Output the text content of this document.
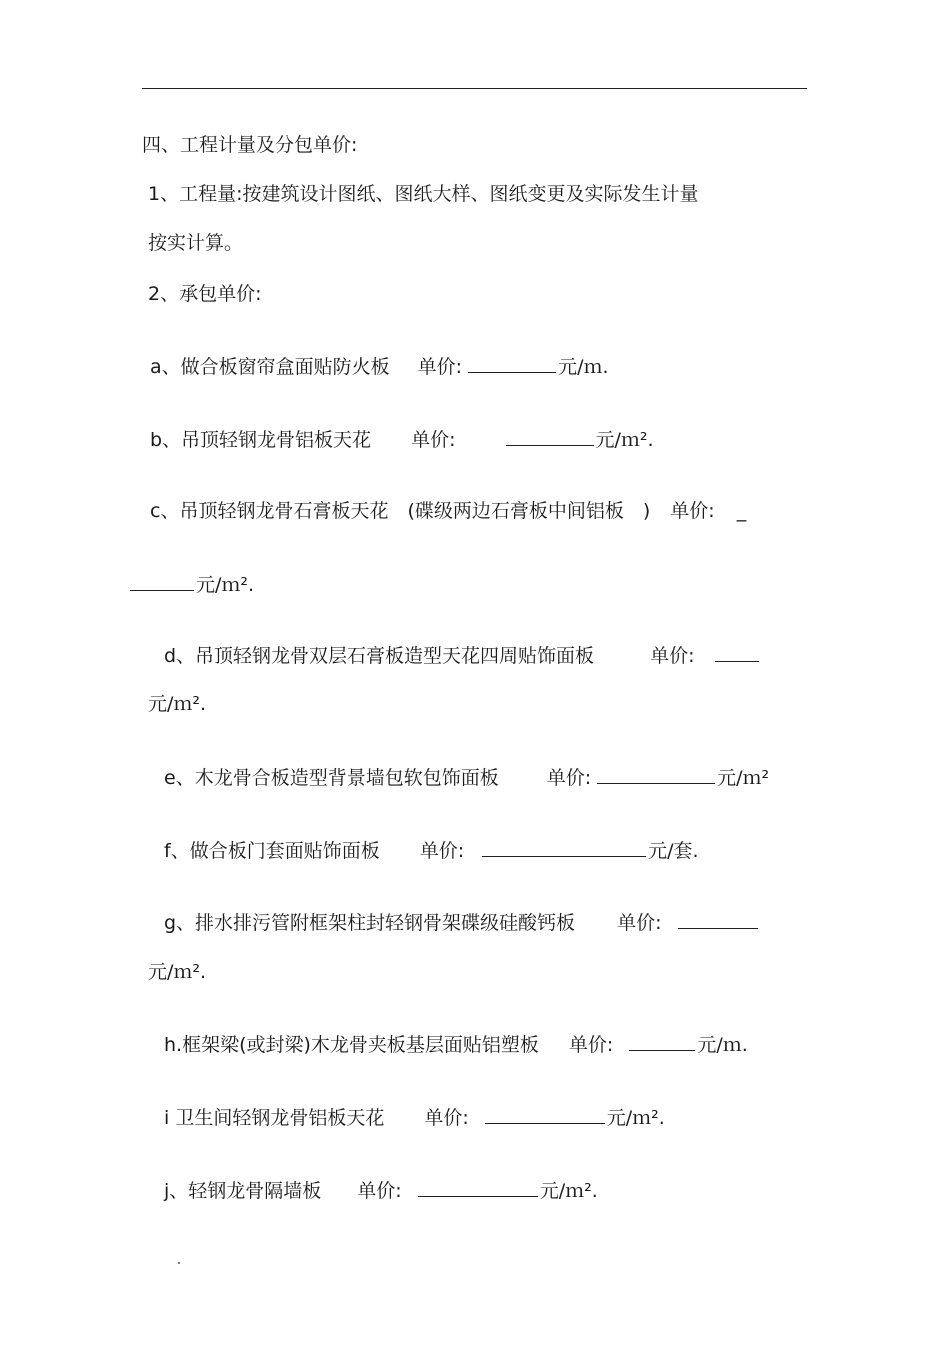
四、工程计量及分包单价:
1、工程量:按建筑设计图纸、图纸大样、图纸变更及实际发生计量
按实计算。
2、承包单价:
a、做合板窗帘盒面贴防火板 单价:	元/ｍ.
b、吊顶轻钢龙骨铝板天花 单价:	元/ｍ².
c、吊顶轻钢龙骨石膏板天花　(碟级两边石膏板中间铝板　) 单价: _
元/ｍ².
d、吊顶轻钢龙骨双层石膏板造型天花四周贴饰面板	单价:
元/ｍ².
e、木龙骨合板造型背景墙包软包饰面板	单价:	元/ｍ²
f、做合板门套面贴饰面板 单价:	元/套.
g、排水排污管附框架柱封轻钢骨架碟级硅酸钙板 单价:
元/ｍ².
h.框架梁(或封梁)木龙骨夹板基层面贴铝塑板 单价:	元/ｍ.
i 卫生间轻钢龙骨铝板天花 单价:	元/ｍ².
j、轻钢龙骨隔墙板 单价:	元/ｍ².
